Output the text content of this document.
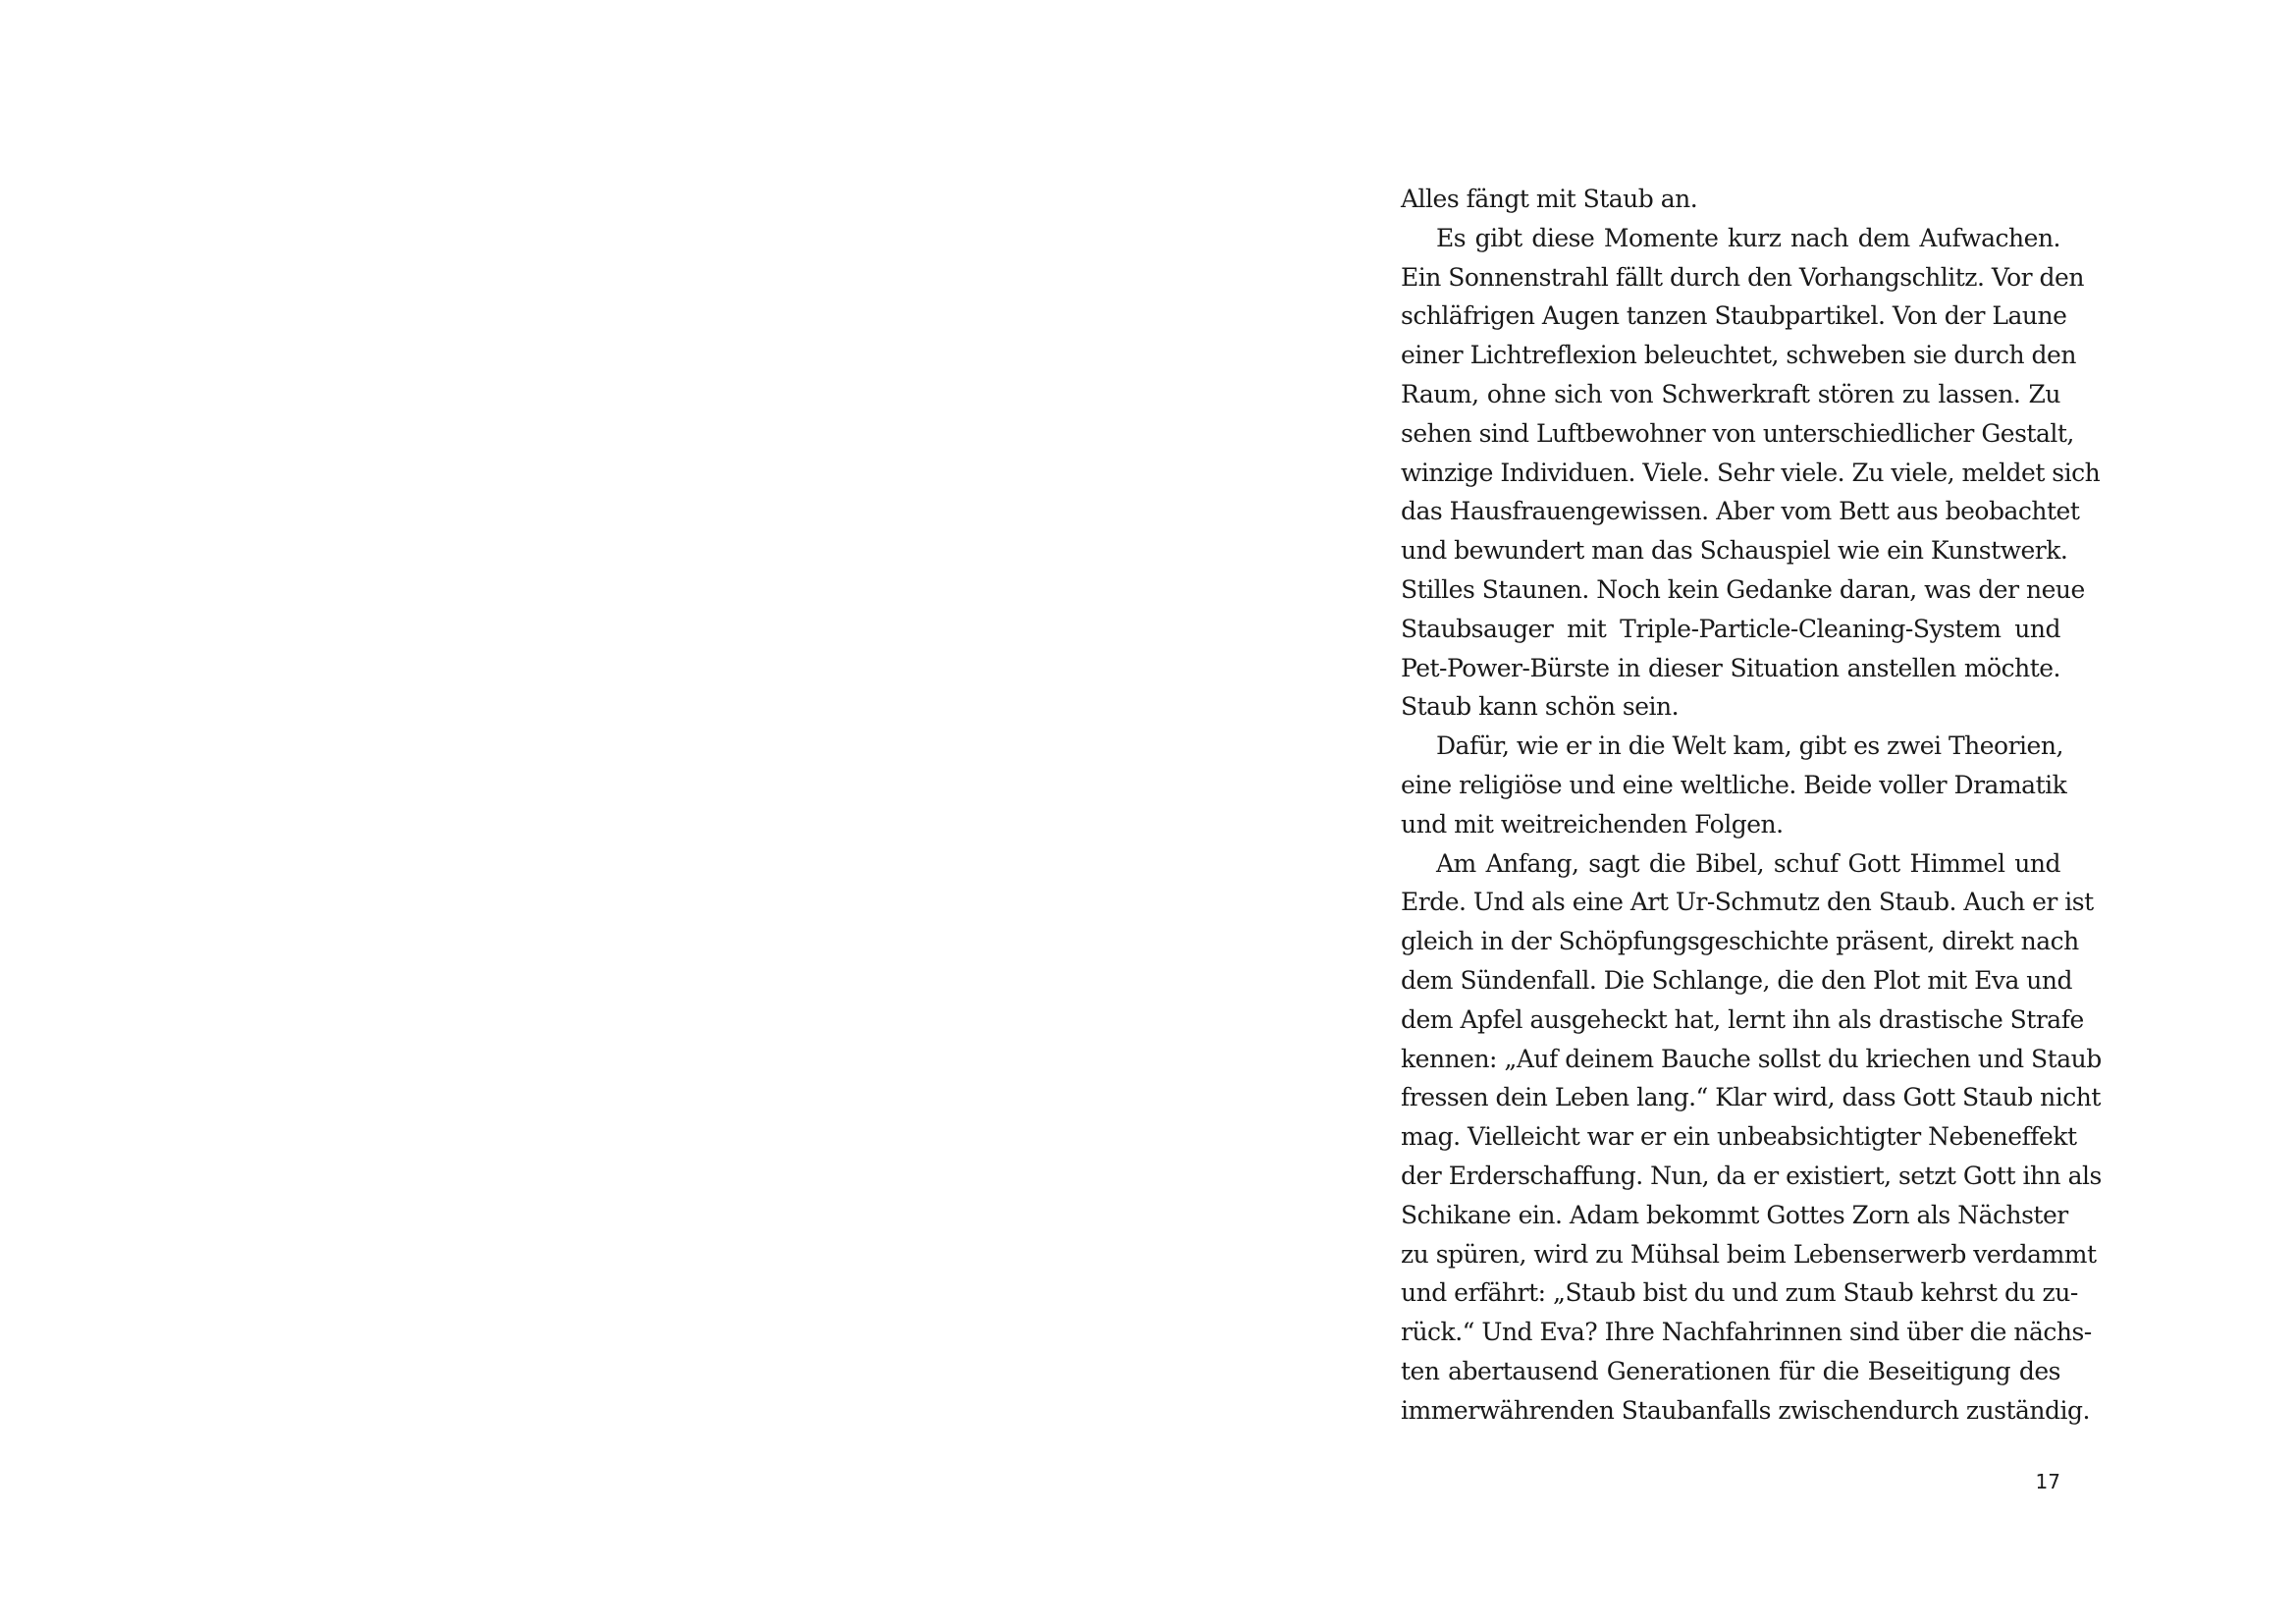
Alles fängt mit Staub an.
Es gibt diese Momente kurz nach dem Aufwachen.
Ein Sonnenstrahl fällt durch den Vorhangschlitz. Vor den
schläfrigen Augen tanzen Staubpartikel. Von der Laune
einer Lichtreflexion beleuchtet, schweben sie durch den
Raum, ohne sich von Schwerkraft stören zu lassen. Zu
sehen sind Luftbewohner von unterschiedlicher Gestalt,
winzige Individuen. Viele. Sehr viele. Zu viele, meldet sich
das Hausfrauengewissen. Aber vom Bett aus beobachtet
und bewundert man das Schauspiel wie ein Kunstwerk.
Stilles Staunen. Noch kein Gedanke daran, was der neue
Staubsauger mit Triple-Particle-Cleaning-System und
Pet-Power-Bürste in dieser Situation anstellen möchte.
Staub kann schön sein.
Dafür, wie er in die Welt kam, gibt es zwei Theorien,
eine religiöse und eine weltliche. Beide voller Dramatik
und mit weitreichenden Folgen.
Am Anfang, sagt die Bibel, schuf Gott Himmel und
Erde. Und als eine Art Ur-Schmutz den Staub. Auch er ist
gleich in der Schöpfungsgeschichte präsent, direkt nach
dem Sündenfall. Die Schlange, die den Plot mit Eva und
dem Apfel ausgeheckt hat, lernt ihn als drastische Strafe
kennen: „Auf deinem Bauche sollst du kriechen und Staub
fressen dein Leben lang.“ Klar wird, dass Gott Staub nicht
mag. Vielleicht war er ein unbeabsichtigter Nebeneffekt
der Erderschaffung. Nun, da er existiert, setzt Gott ihn als
Schikane ein. Adam bekommt Gottes Zorn als Nächster
zu spüren, wird zu Mühsal beim Lebenserwerb verdammt
und erfährt: „Staub bist du und zum Staub kehrst du zu-
rück.“ Und Eva? Ihre Nachfahrinnen sind über die nächs-
ten abertausend Generationen für die Beseitigung des
immerwährenden Staubanfalls zwischendurch zuständig.
17
